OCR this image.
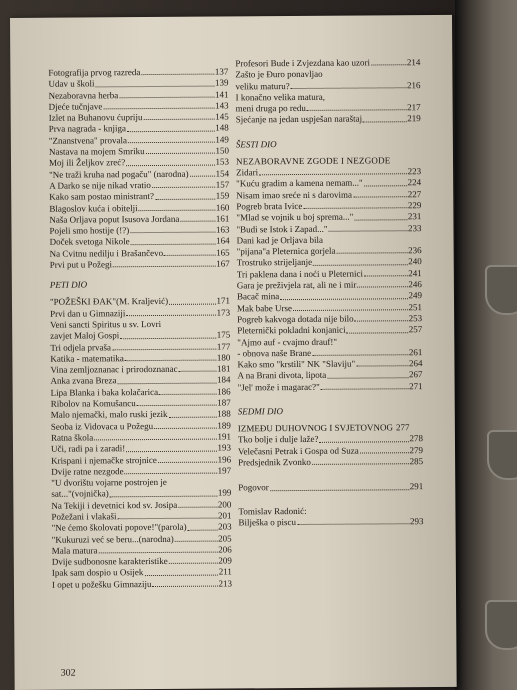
Fotografija prvog razreda	137
Udav u školi	139
Nezaboravna herba	141
Djeće tučnjave	143
Izlet na Buhanovu ćupriju	145
Prva nagrada - knjiga	148
"Znanstvena" provala	149
Nastava na mojem Smriku	150
Moj ili Željkov zreć?	153
"Ne traži kruha nad pogaču" (narodna)	154
A Darko se nije nikad vratio	157
Kako sam postao ministrant?	159
Blagoslov kuća i obitelji	160
Naša Orljava poput Isusova Jordana	161
Pojeli smo hostije (!?)	163
Doček svetoga Nikole	164
Na Cvitnu nedilju i Brašančevo	165
Prvi put u Požegi	167
PETI DIO
"POŽEŠKI ĐAK"(M. Kraljević)	171
Prvi dan u Gimnaziji	173
Veni sancti Spiritus u sv. Lovri
zavjet Maloj Gospi	175
Tri odjela prvaša	177
Katika - matematika	180
Vina zemljoznanac i prirodoznanac	181
Anka zvana Breza	184
Lipa Blanka i baka kolačarica	186
Ribolov na Komušancu	187
Malo njemački, malo ruski jezik	188
Seoba iz Vidovaca u Požegu	189
Ratna škola	191
Uči, radi pa i zaradi!	193
Krispani i njemačke strojnice	196
Dvije ratne nezgode	197
"U dvorištu vojarne postrojen je
sat..."(vojnička)	199
Na Tekiji i devetnici kod sv. Josipa	200
Požežani i vlakaši	201
"Ne ćemo školovati popove!"(parola)	203
"Kukuruzi već se beru...(narodna)	205
Mala matura	206
Dvije sudbonosne karakteristike	209
Ipak sam dospio u Osijek	211
I opet u požešku Gimnaziju	213
Profesori Bude i Zvjezdana kao uzori	214
Zašto je Đuro ponavljao
veliku maturu?	216
I konačno velika matura,
meni druga po redu	217
Sjećanje na jedan uspješan naraštaj	219
ŠESTI DIO
NEZABORAVNE ZGODE I NEZGODE
Zidari	223
"Kuću gradim a kamena nemam..."	224
Nisam imao sreće ni s darovima	227
Pogreb brata Ivice	229
"Mlad se vojnik u boj sprema..."	231
"Budi se Istok i Zapad..."	233
Dani kad je Orljava bila
"pijana"a Pleternica gorjela	236
Trostruko strijeljanje	240
Tri paklena dana i noći u Pleternici	241
Gara je preživjela rat, ali ne i mir	246
Bacač mina	249
Mak babe Urse	251
Pogreb kakvoga dotada nije bilo	253
Pleternički pokladni konjanici	257
"Ajmo auf - cvajmo drauf!"
- obnova naše Brane	261
Kako smo "krstili" NK "Slaviju"	264
A na Brani divota, lipota	267
"Jel' može i magarac?"	271
SEDMI DIO
IZMEĐU DUHOVNOG I SVJETOVNOG 277
Tko bolje i dulje laže?	278
Velečasni Petrak i Gospa od Suza	279
Predsjednik Zvonko	285
Pogovor	291
Tomislav Radonić:
Bilješka o piscu	293
302
